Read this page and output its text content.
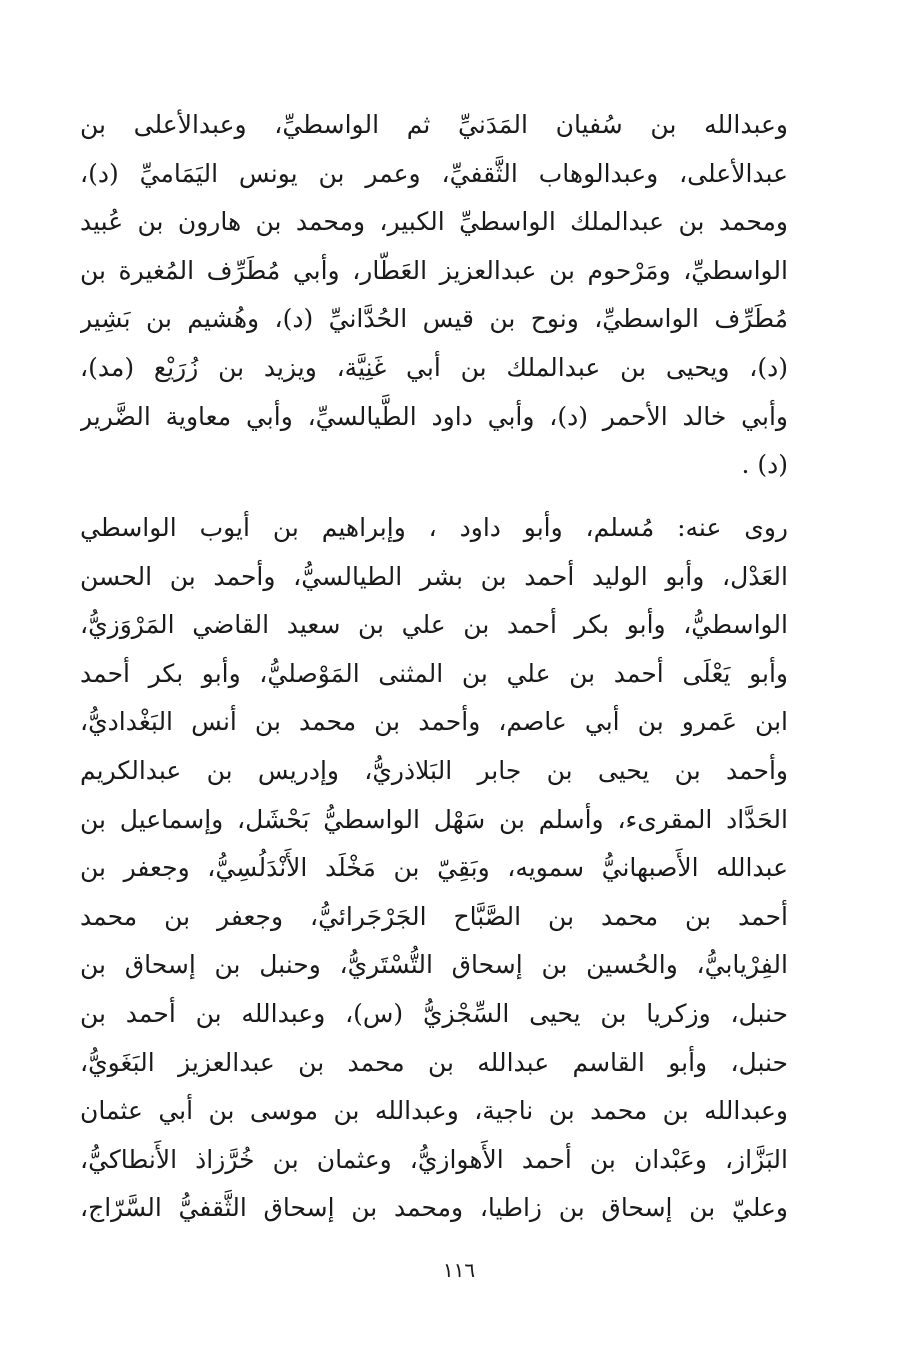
وعبدالله بن سُفيان المَدَنيِّ ثم الواسطيِّ، وعبدالأعلى بن
عبدالأعلى، وعبدالوهاب الثَّقفيِّ، وعمر بن يونس اليَمَاميِّ (د)،
ومحمد بن عبدالملك الواسطيِّ الكبير، ومحمد بن هارون بن عُبيد
الواسطيِّ، ومَرْحوم بن عبدالعزيز العَطّار، وأبي مُطَرِّف المُغيرة بن
مُطَرِّف الواسطيِّ، ونوح بن قيس الحُدَّانيِّ (د)، وهُشيم بن بَشِير
(د)، ويحيى بن عبدالملك بن أبي غَنِيَّة، ويزيد بن زُرَيْع (مد)،
وأبي خالد الأحمر (د)، وأبي داود الطَّيالسيِّ، وأبي معاوية الضَّرير
(د) .
روى عنه: مُسلم، وأبو داود ، وإبراهيم بن أيوب الواسطي
العَدْل، وأبو الوليد أحمد بن بشر الطيالسيُّ، وأحمد بن الحسن
الواسطيُّ، وأبو بكر أحمد بن علي بن سعيد القاضي المَرْوَزيُّ،
وأبو يَعْلَى أحمد بن علي بن المثنى المَوْصليُّ، وأبو بكر أحمد
ابن عَمرو بن أبي عاصم، وأحمد بن محمد بن أنس البَغْداديُّ،
وأحمد بن يحيى بن جابر البَلاذريُّ، وإدريس بن عبدالكريم
الحَدَّاد المقرىء، وأسلم بن سَهْل الواسطيُّ بَحْشَل، وإسماعيل بن
عبدالله الأَصبهانيُّ سمويه، وبَقِيّ بن مَخْلَد الأَنْدَلُسِيُّ، وجعفر بن
أحمد بن محمد بن الصَّبَّاح الجَرْجَرائيُّ، وجعفر بن محمد
الفِرْيابيُّ، والحُسين بن إسحاق التُّسْتَريُّ، وحنبل بن إسحاق بن
حنبل، وزكريا بن يحيى السِّجْزيُّ (س)، وعبدالله بن أحمد بن
حنبل، وأبو القاسم عبدالله بن محمد بن عبدالعزيز البَغَويُّ،
وعبدالله بن محمد بن ناجية، وعبدالله بن موسى بن أبي عثمان
البَزَّاز، وعَبْدان بن أحمد الأَهوازيُّ، وعثمان بن خُرَّزاذ الأَنطاكيُّ،
وعليّ بن إسحاق بن زاطيا، ومحمد بن إسحاق الثَّقفيُّ السَّرّاج،
١١٦
